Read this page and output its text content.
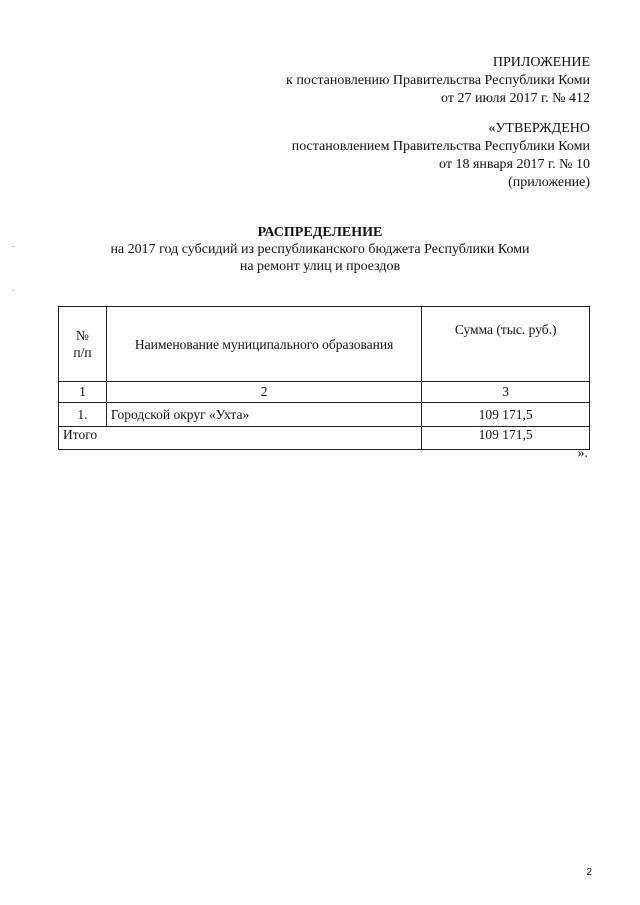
ПРИЛОЖЕНИЕ
к постановлению Правительства Республики Коми
от 27 июля 2017 г. № 412
«УТВЕРЖДЕНО
постановлением Правительства Республики Коми
от 18 января 2017 г. № 10
(приложение)
РАСПРЕДЕЛЕНИЕ
на 2017 год субсидий из республиканского бюджета Республики Коми
на ремонт улиц и проездов
№
п/п	Наименование муниципального образования	Сумма (тыс. руб.)
1	2	3
1.	Городской округ «Ухта»	109 171,5
Итого		109 171,5
».
2
